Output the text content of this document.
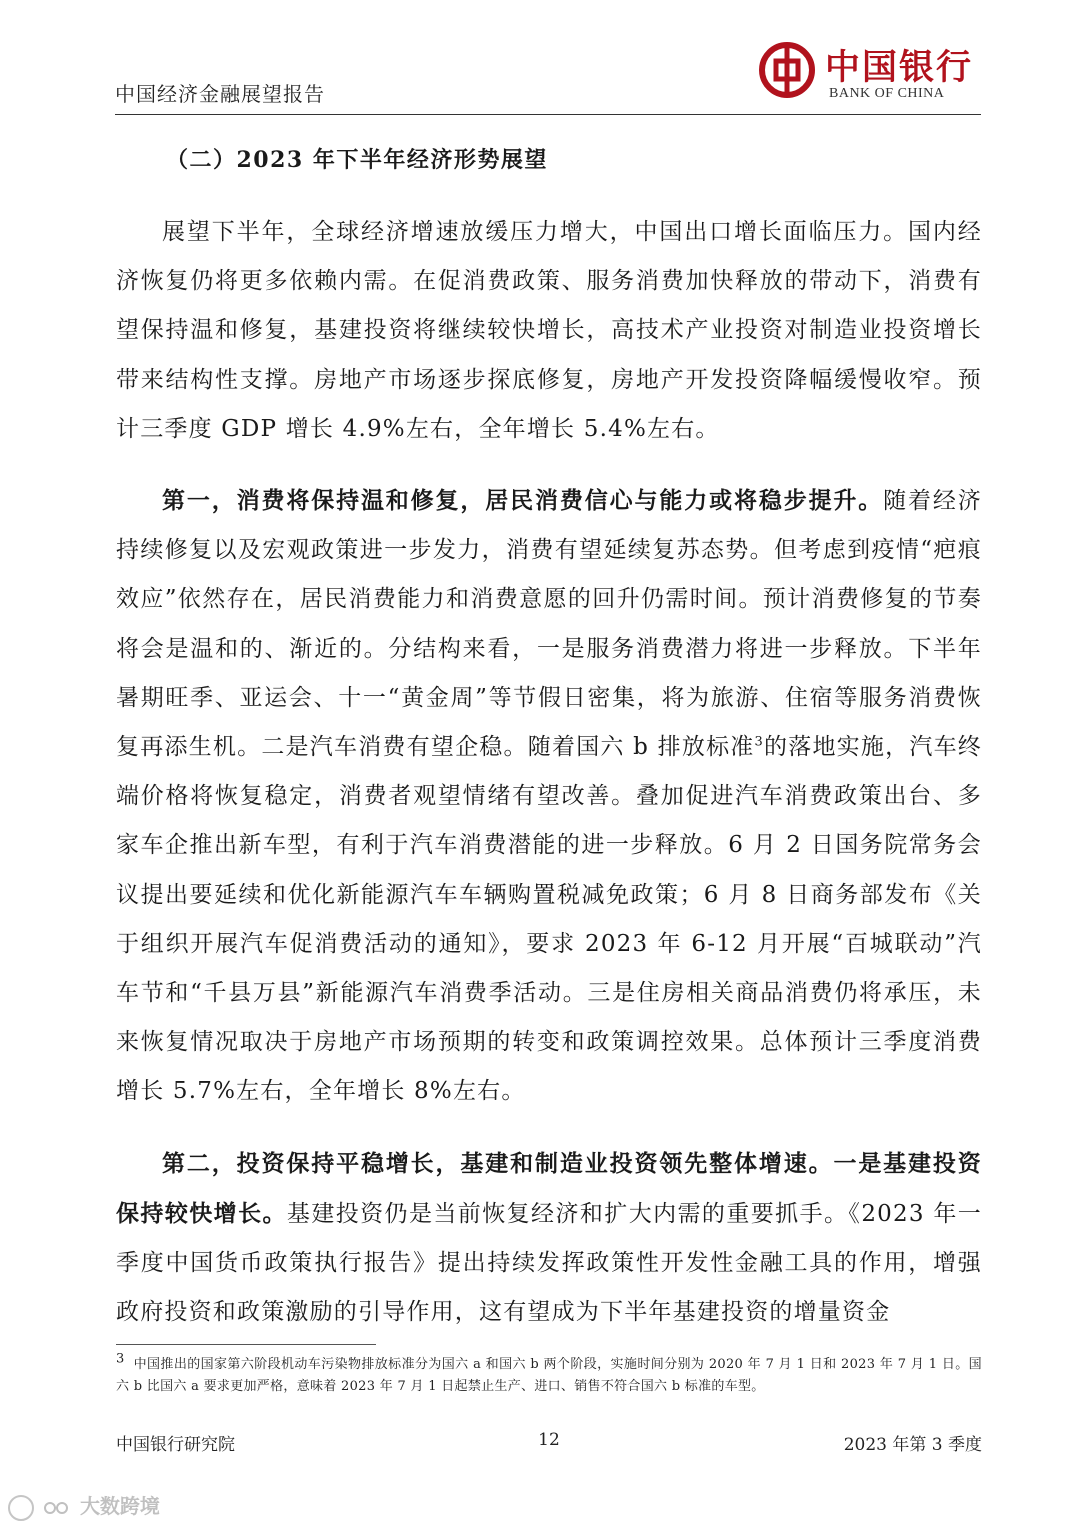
中国经济金融展望报告
中国银行
BANK OF CHINA
（二）2023 年下半年经济形势展望

展望下半年，全球经济增速放缓压力增大，中国出口增长面临压力。国内经济恢复仍将更多依赖内需。在促消费政策、服务消费加快释放的带动下，消费有望保持温和修复，基建投资将继续较快增长，高技术产业投资对制造业投资增长带来结构性支撑。房地产市场逐步探底修复，房地产开发投资降幅缓慢收窄。预计三季度 GDP 增长 4.9%左右，全年增长 5.4%左右。

第一，消费将保持温和修复，居民消费信心与能力或将稳步提升。随着经济持续修复以及宏观政策进一步发力，消费有望延续复苏态势。但考虑到疫情“疤痕效应”依然存在，居民消费能力和消费意愿的回升仍需时间。预计消费修复的节奏将会是温和的、渐近的。分结构来看，一是服务消费潜力将进一步释放。下半年暑期旺季、亚运会、十一“黄金周”等节假日密集，将为旅游、住宿等服务消费恢复再添生机。二是汽车消费有望企稳。随着国六 b 排放标准$^3$的落地实施，汽车终端价格将恢复稳定，消费者观望情绪有望改善。叠加促进汽车消费政策出台、多家车企推出新车型，有利于汽车消费潜能的进一步释放。6 月 2 日国务院常务会议提出要延续和优化新能源汽车车辆购置税减免政策；6 月 8 日商务部发布《关于组织开展汽车促消费活动的通知》，要求 2023 年 6-12 月开展“百城联动”汽车节和“千县万县”新能源汽车消费季活动。三是住房相关商品消费仍将承压，未来恢复情况取决于房地产市场预期的转变和政策调控效果。总体预计三季度消费增长 5.7%左右，全年增长 8%左右。

第二，投资保持平稳增长，基建和制造业投资领先整体增速。一是基建投资保持较快增长。基建投资仍是当前恢复经济和扩大内需的重要抓手。《2023 年一季度中国货币政策执行报告》提出持续发挥政策性开发性金融工具的作用，增强政府投资和政策激励的引导作用，这有望成为下半年基建投资的增量资金

$^3$ 中国推出的国家第六阶段机动车污染物排放标准分为国六 a 和国六 b 两个阶段，实施时间分别为 2020 年 7 月 1 日和 2023 年 7 月 1 日。国六 b 比国六 a 要求更加严格，意味着 2023 年 7 月 1 日起禁止生产、进口、销售不符合国六 b 标准的车型。
中国银行研究院	12	2023 年第 3 季度
大数跨境
